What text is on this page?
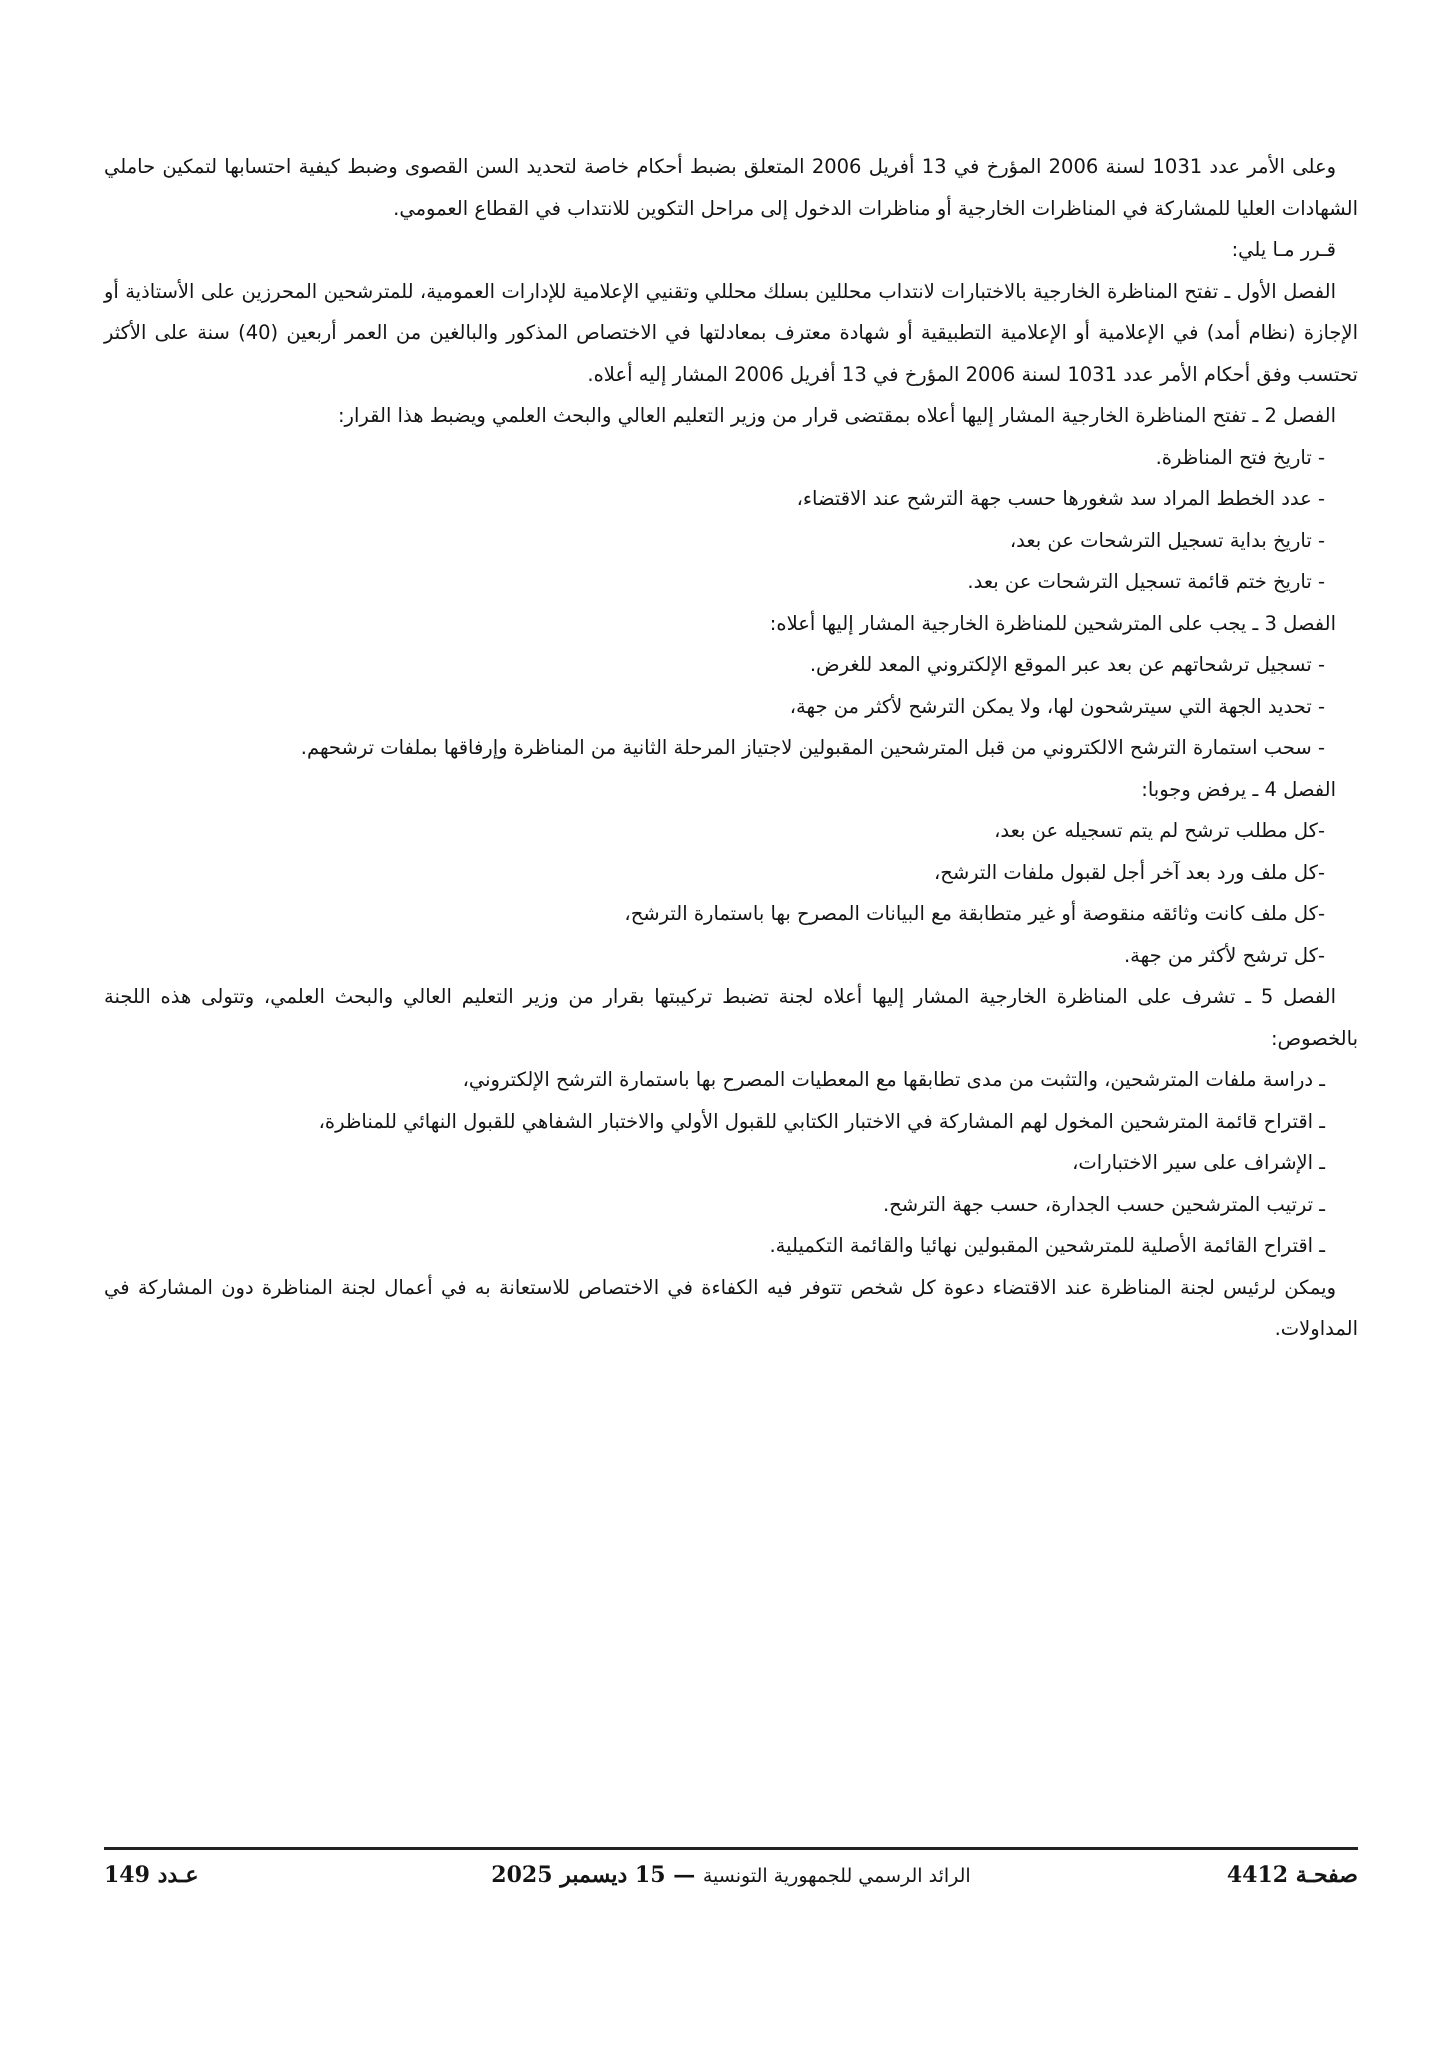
وعلى الأمر عدد 1031 لسنة 2006 المؤرخ في 13 أفريل 2006 المتعلق بضبط أحكام خاصة لتحديد السن القصوى وضبط كيفية احتسابها لتمكين حاملي الشهادات العليا للمشاركة في المناظرات الخارجية أو مناظرات الدخول إلى مراحل التكوين للانتداب في القطاع العمومي.

قـرر مـا يلي:

الفصل الأول ـ تفتح المناظرة الخارجية بالاختبارات لانتداب محللين بسلك محللي وتقنيي الإعلامية للإدارات العمومية، للمترشحين المحرزين على الأستاذية أو الإجازة (نظام أمد) في الإعلامية أو الإعلامية التطبيقية أو شهادة معترف بمعادلتها في الاختصاص المذكور والبالغين من العمر أربعين (40) سنة على الأكثر تحتسب وفق أحكام الأمر عدد 1031 لسنة 2006 المؤرخ في 13 أفريل 2006 المشار إليه أعلاه.

الفصل 2 ـ تفتح المناظرة الخارجية المشار إليها أعلاه بمقتضى قرار من وزير التعليم العالي والبحث العلمي ويضبط هذا القرار:

- تاريخ فتح المناظرة.

- عدد الخطط المراد سد شغورها حسب جهة الترشح عند الاقتضاء،

- تاريخ بداية تسجيل الترشحات عن بعد،

- تاريخ ختم قائمة تسجيل الترشحات عن بعد.

الفصل 3 ـ يجب على المترشحين للمناظرة الخارجية المشار إليها أعلاه:

- تسجيل ترشحاتهم عن بعد عبر الموقع الإلكتروني المعد للغرض.

- تحديد الجهة التي سيترشحون لها، ولا يمكن الترشح لأكثر من جهة،

- سحب استمارة الترشح الالكتروني من قبل المترشحين المقبولين لاجتياز المرحلة الثانية من المناظرة وإرفاقها بملفات ترشحهم.

الفصل 4 ـ يرفض وجوبا:

-كل مطلب ترشح لم يتم تسجيله عن بعد،

-كل ملف ورد بعد آخر أجل لقبول ملفات الترشح،

-كل ملف كانت وثائقه منقوصة أو غير متطابقة مع البيانات المصرح بها باستمارة الترشح،

-كل ترشح لأكثر من جهة.

الفصل 5 ـ تشرف على المناظرة الخارجية المشار إليها أعلاه لجنة تضبط تركيبتها بقرار من وزير التعليم العالي والبحث العلمي، وتتولى هذه اللجنة بالخصوص:

ـ دراسة ملفات المترشحين، والتثبت من مدى تطابقها مع المعطيات المصرح بها باستمارة الترشح الإلكتروني،

ـ اقتراح قائمة المترشحين المخول لهم المشاركة في الاختبار الكتابي للقبول الأولي والاختبار الشفاهي للقبول النهائي للمناظرة،

ـ الإشراف على سير الاختبارات،

ـ ترتيب المترشحين حسب الجدارة، حسب جهة الترشح.

ـ اقتراح القائمة الأصلية للمترشحين المقبولين نهائيا والقائمة التكميلية.

ويمكن لرئيس لجنة المناظرة عند الاقتضاء دعوة كل شخص تتوفر فيه الكفاءة في الاختصاص للاستعانة به في أعمال لجنة المناظرة دون المشاركة في المداولات.

صفحـة 4412
الرائد الرسمي للجمهورية التونسية — 15 ديسمبر 2025
عـدد 149
